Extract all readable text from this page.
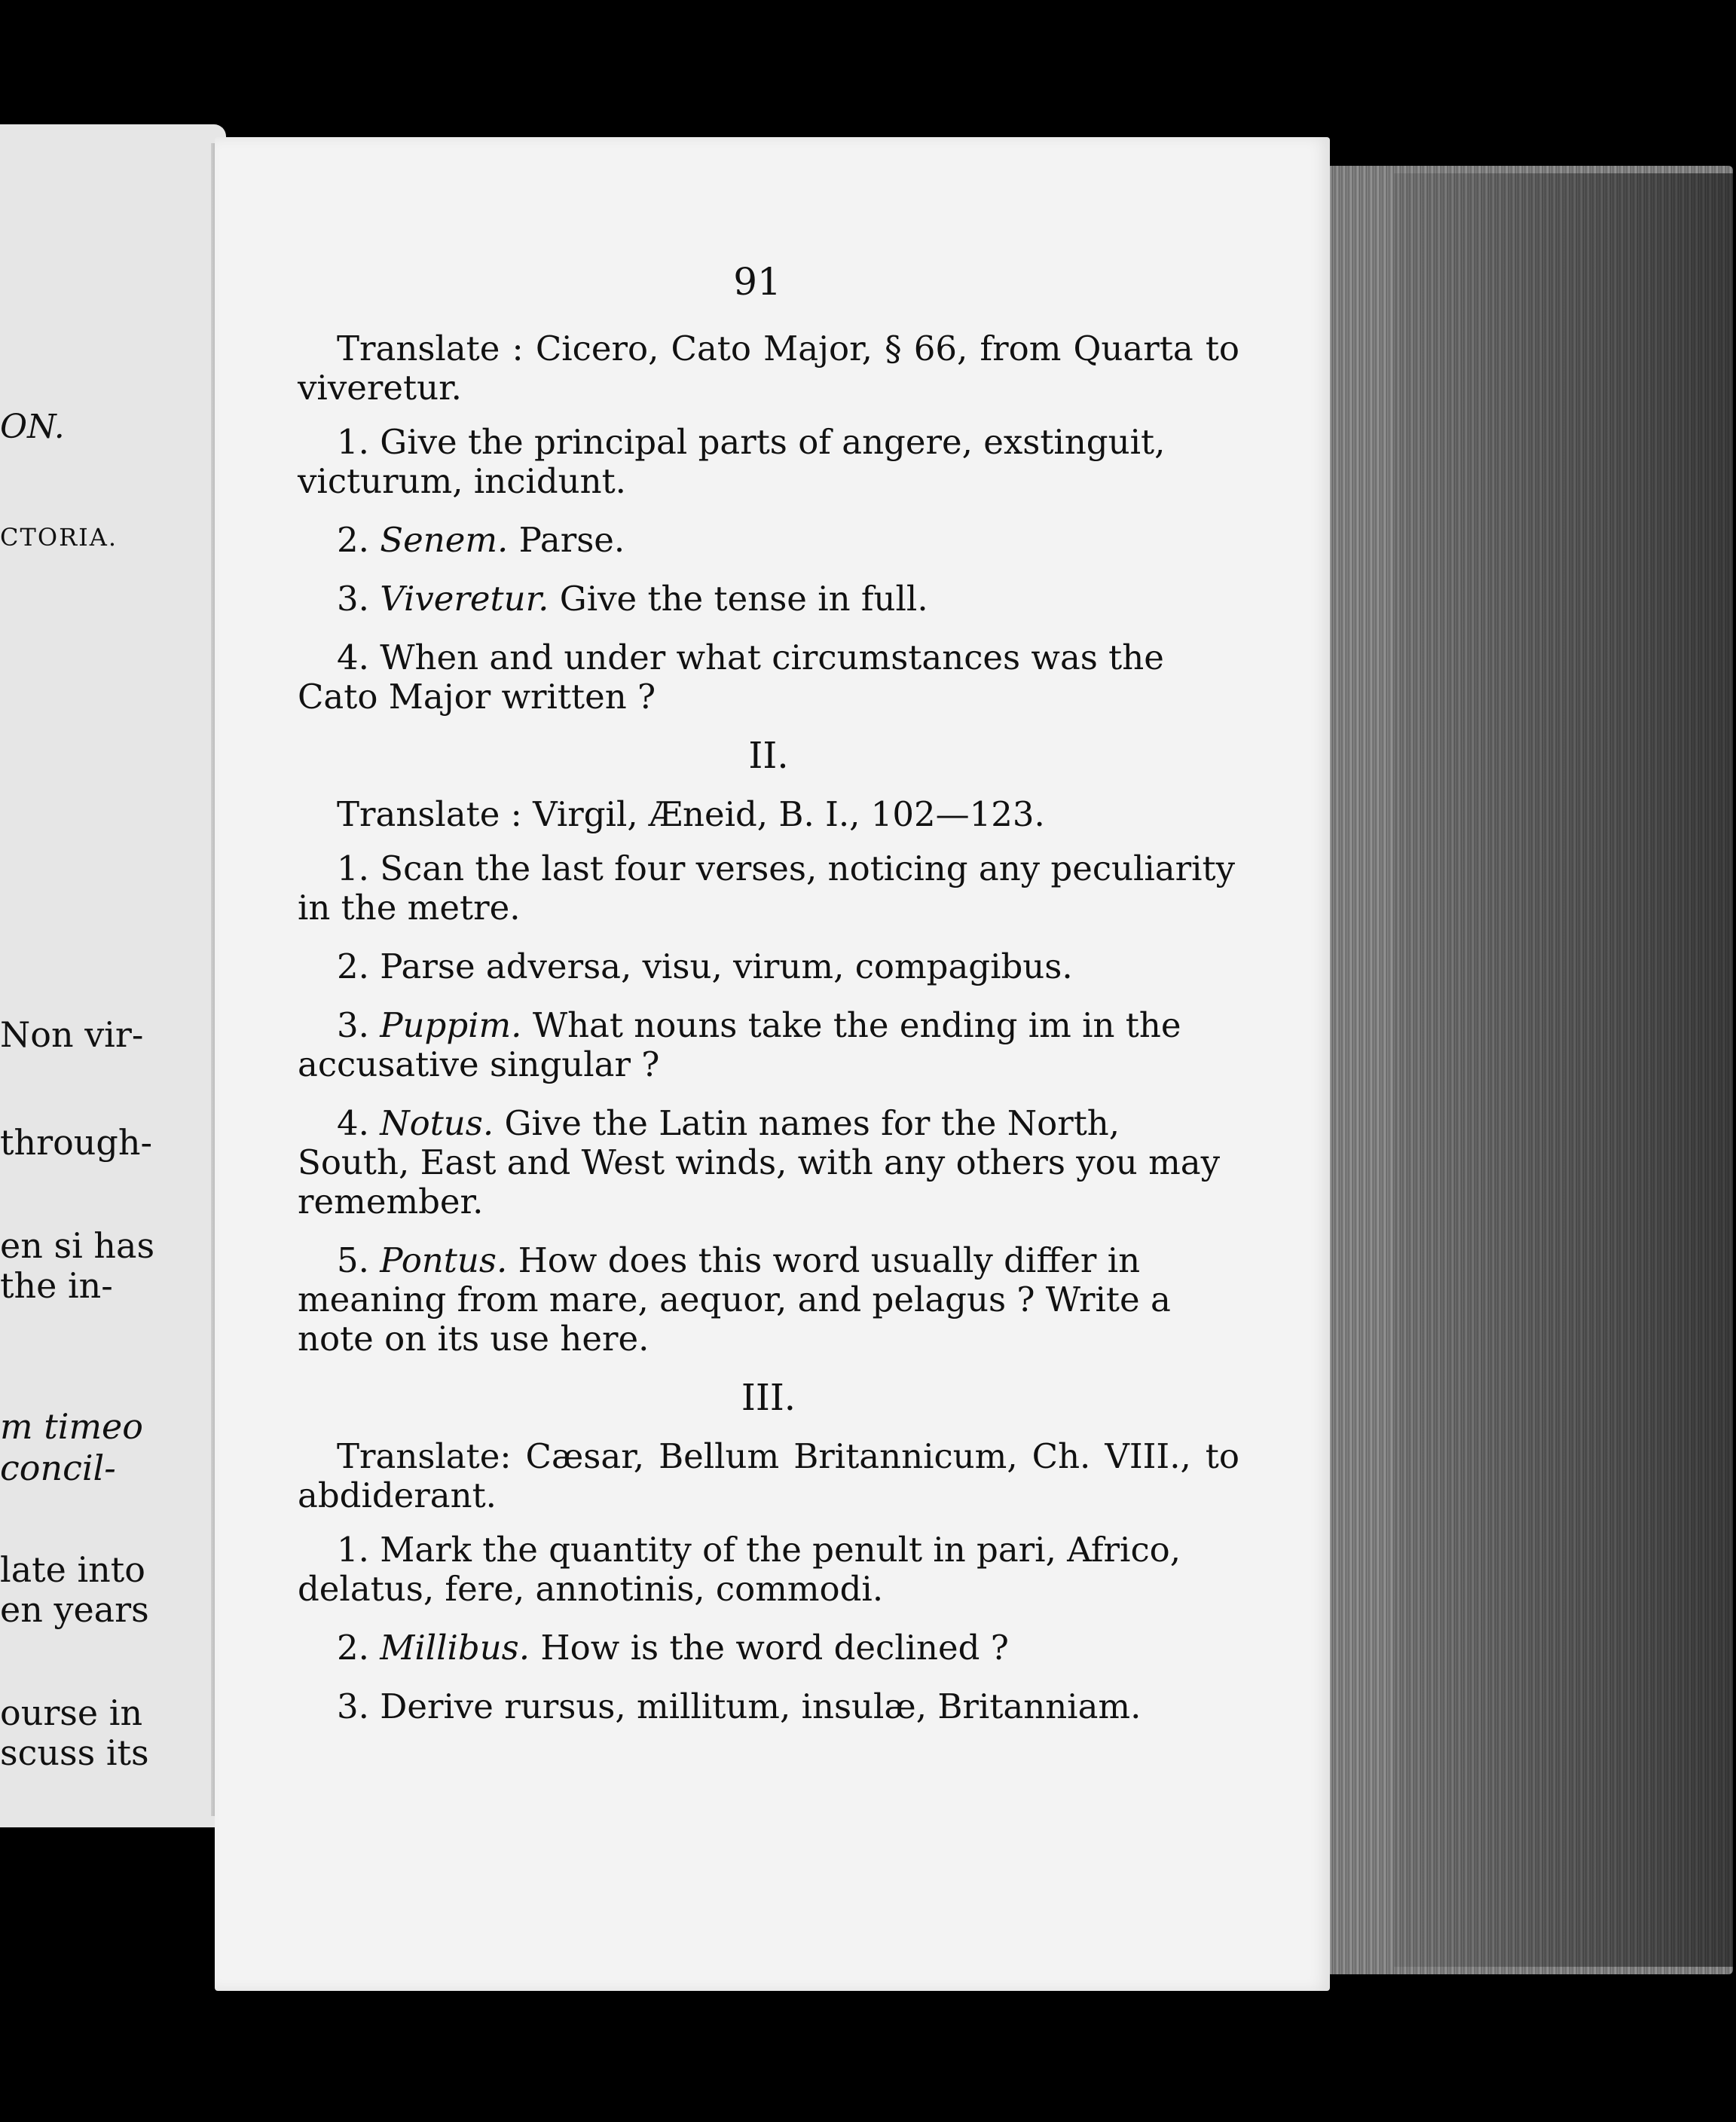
ON.
CTORIA.
Non vir-
through-
en si has
the in-
m timeo
concil-
late into
en years
ourse in
scuss its
91

Translate : Cicero, Cato Major, § 66, from Quarta to viveretur.

1. Give the principal parts of angere, exstinguit, victurum, incidunt.
2. Senem. Parse.
3. Viveretur. Give the tense in full.
4. When and under what circumstances was the Cato Major written ?
II.

Translate : Virgil, Æneid, B. I., 102—123.

1. Scan the last four verses, noticing any peculiarity in the metre.
2. Parse adversa, visu, virum, compagibus.
3. Puppim. What nouns take the ending im in the accusative singular ?
4. Notus. Give the Latin names for the North, South, East and West winds, with any others you may remember.
5. Pontus. How does this word usually differ in meaning from mare, aequor, and pelagus ? Write a note on its use here.
III.

Translate: Cæsar, Bellum Britannicum, Ch. VIII., to abdiderant.

1. Mark the quantity of the penult in pari, Africo, delatus, fere, annotinis, commodi.
2. Millibus. How is the word declined ?
3. Derive rursus, millitum, insulæ, Britanniam.
